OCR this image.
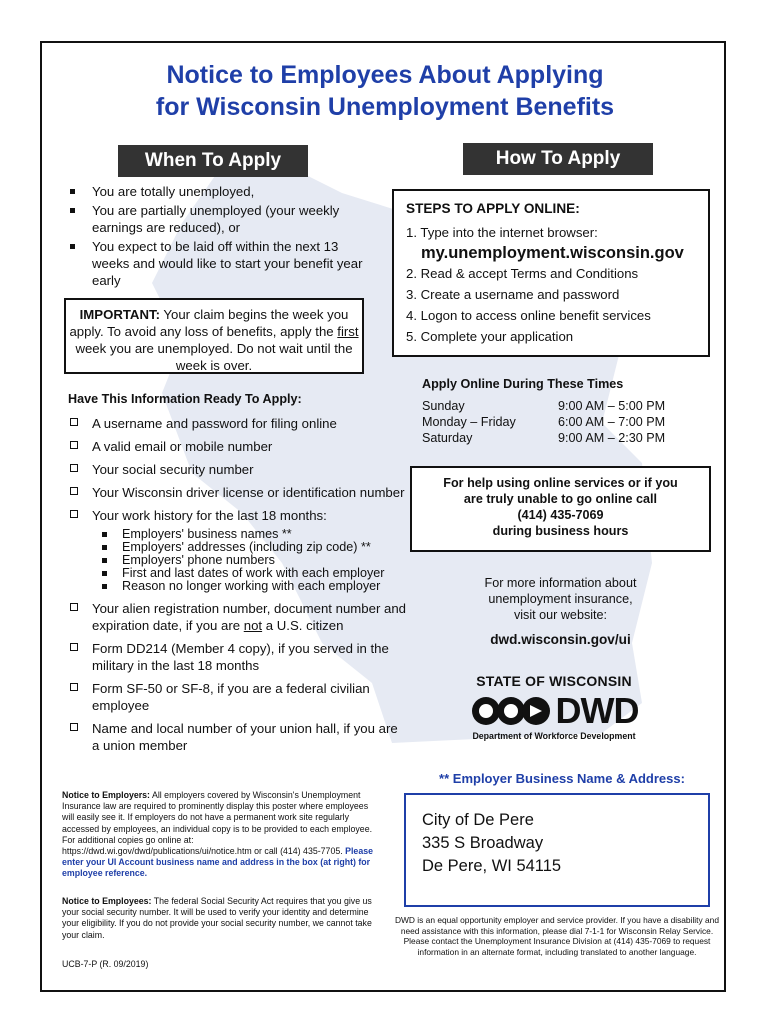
Notice to Employees About Applying
for Wisconsin Unemployment Benefits
When To Apply
You are totally unemployed,
You are partially unemployed (your weekly earnings are reduced), or
You expect to be laid off within the next 13 weeks and would like to start your benefit year early
IMPORTANT: Your claim begins the week you apply. To avoid any loss of benefits, apply the first week you are unemployed. Do not wait until the week is over.
Have This Information Ready To Apply:
A username and password for filing online
A valid email or mobile number
Your social security number
Your Wisconsin driver license or identification number
Your work history for the last 18 months:
Employers' business names **
Employers' addresses (including zip code) **
Employers' phone numbers
First and last dates of work with each employer
Reason no longer working with each employer
Your alien registration number, document number and expiration date, if you are not a U.S. citizen
Form DD214 (Member 4 copy), if you served in the military in the last 18 months
Form SF-50 or SF-8, if you are a federal civilian employee
Name and local number of your union hall, if you are a union member
How To Apply
STEPS TO APPLY ONLINE:
1. Type into the internet browser:
my.unemployment.wisconsin.gov
2. Read & accept Terms and Conditions
3. Create a username and password
4. Logon to access online benefit services
5. Complete your application
Apply Online During These Times
Sunday	9:00 AM – 5:00 PM
Monday – Friday	6:00 AM – 7:00 PM
Saturday	9:00 AM – 2:30 PM
For help using online services or if you
are truly unable to go online call
(414) 435-7069
during business hours
For more information about
unemployment insurance,
visit our website:
dwd.wisconsin.gov/ui
STATE OF WISCONSIN
DWD
Department of Workforce Development
** Employer Business Name & Address:
City of De Pere
335 S Broadway
De Pere, WI 54115
Notice to Employers: All employers covered by Wisconsin's Unemployment Insurance law are required to prominently display this poster where employees will easily see it. If employers do not have a permanent work site regularly accessed by employees, an individual copy is to be provided to each employee. For additional copies go online at: https://dwd.wi.gov/dwd/publications/ui/notice.htm or call (414) 435-7705. Please enter your UI Account business name and address in the box (at right) for employee reference.
Notice to Employees: The federal Social Security Act requires that you give us your social security number. It will be used to verify your identity and determine your eligibility. If you do not provide your social security number, we cannot take your claim.
UCB-7-P (R. 09/2019)
DWD is an equal opportunity employer and service provider. If you have a disability and need assistance with this information, please dial 7-1-1 for Wisconsin Relay Service. Please contact the Unemployment Insurance Division at (414) 435-7069 to request information in an alternate format, including translated to another language.
